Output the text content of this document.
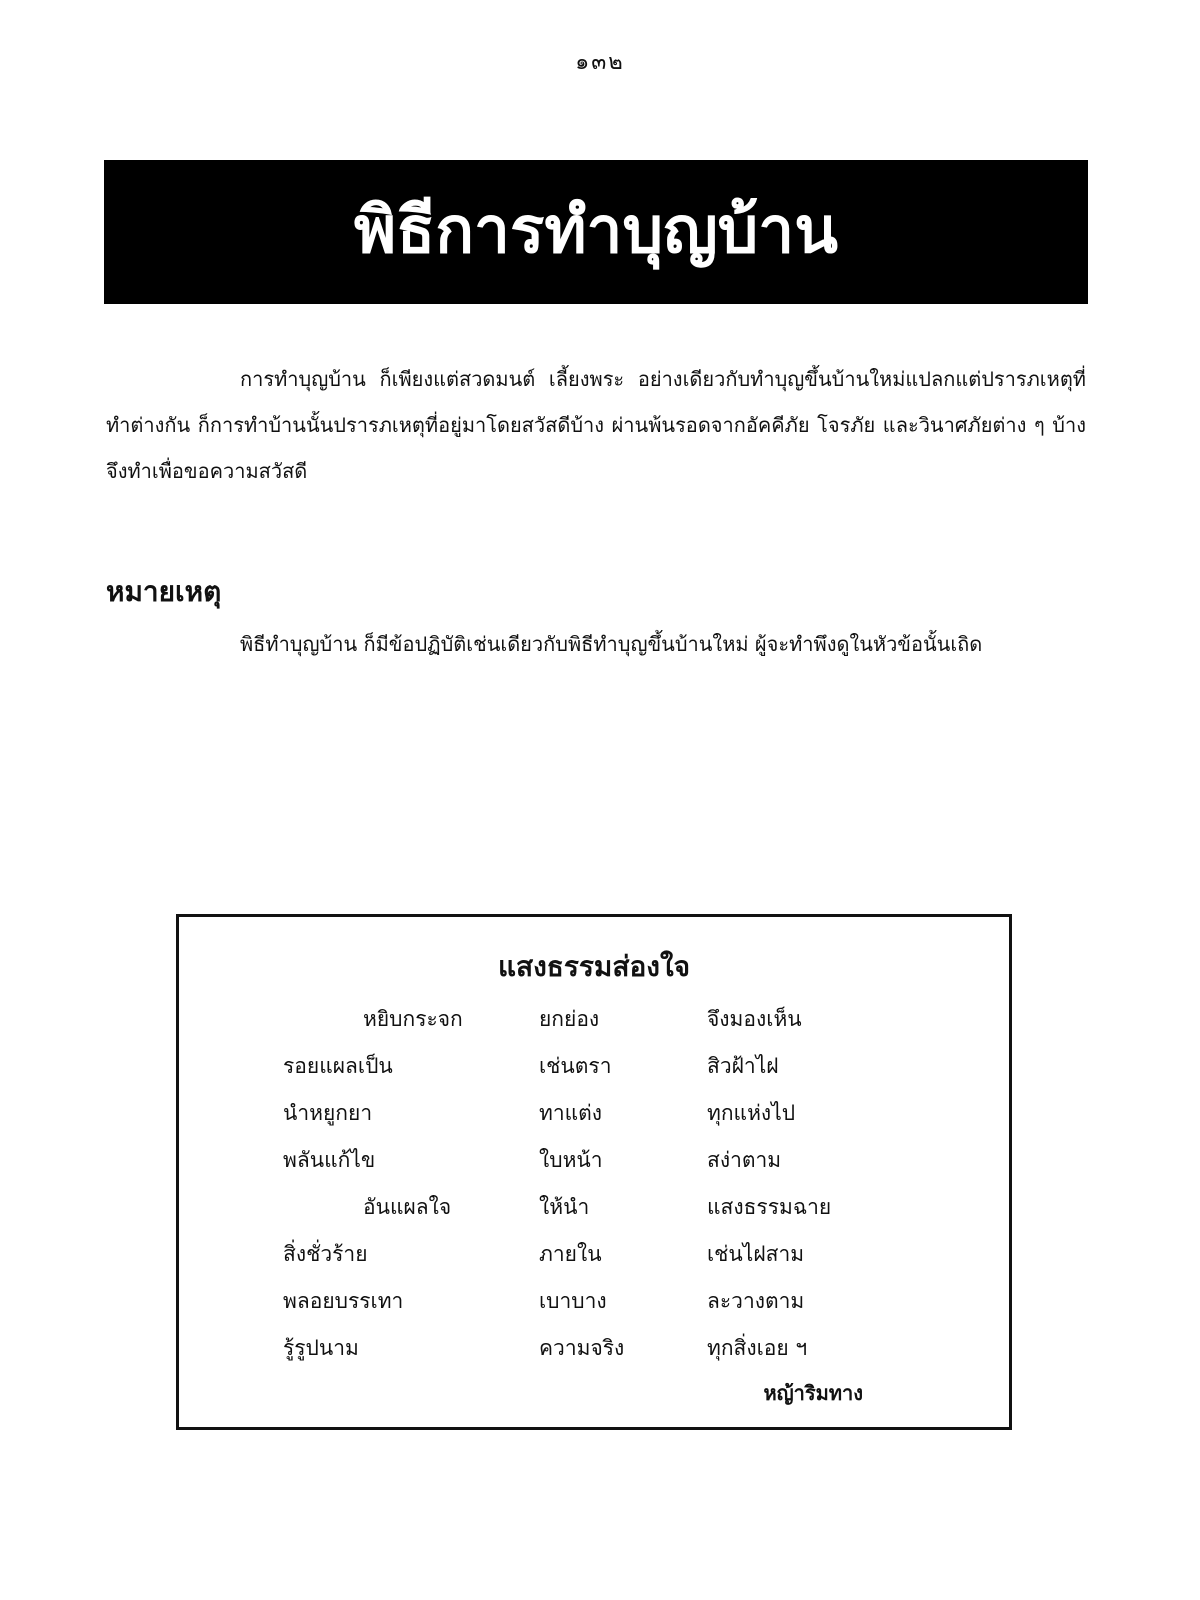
๑๓๒
พิธีการทำบุญบ้าน

การทำบุญบ้าน ก็เพียงแต่สวดมนต์ เลี้ยงพระ อย่างเดียวกับทำบุญขึ้นบ้านใหม่แปลกแต่ปรารภเหตุที่ทำต่างกัน ก็การทำบ้านนั้นปรารภเหตุที่อยู่มาโดยสวัสดีบ้าง ผ่านพ้นรอดจากอัคคีภัย โจรภัย และวินาศภัยต่าง ๆ บ้าง จึงทำเพื่อขอความสวัสดี

หมายเหตุ

พิธีทำบุญบ้าน ก็มีข้อปฏิบัติเช่นเดียวกับพิธีทำบุญขึ้นบ้านใหม่ ผู้จะทำพึงดูในหัวข้อนั้นเถิด

แสงธรรมส่องใจ
หยิบกระจก	ยกย่อง	จึงมองเห็น
รอยแผลเป็น	เช่นตรา	สิวฝ้าไฝ
นำหยูกยา	ทาแต่ง	ทุกแห่งไป
พลันแก้ไข	ใบหน้า	สง่าตาม
อันแผลใจ	ให้นำ	แสงธรรมฉาย
สิ่งชั่วร้าย	ภายใน	เช่นไฝสาม
พลอยบรรเทา	เบาบาง	ละวางตาม
รู้รูปนาม	ความจริง	ทุกสิ่งเอย ฯ
หญ้าริมทาง
